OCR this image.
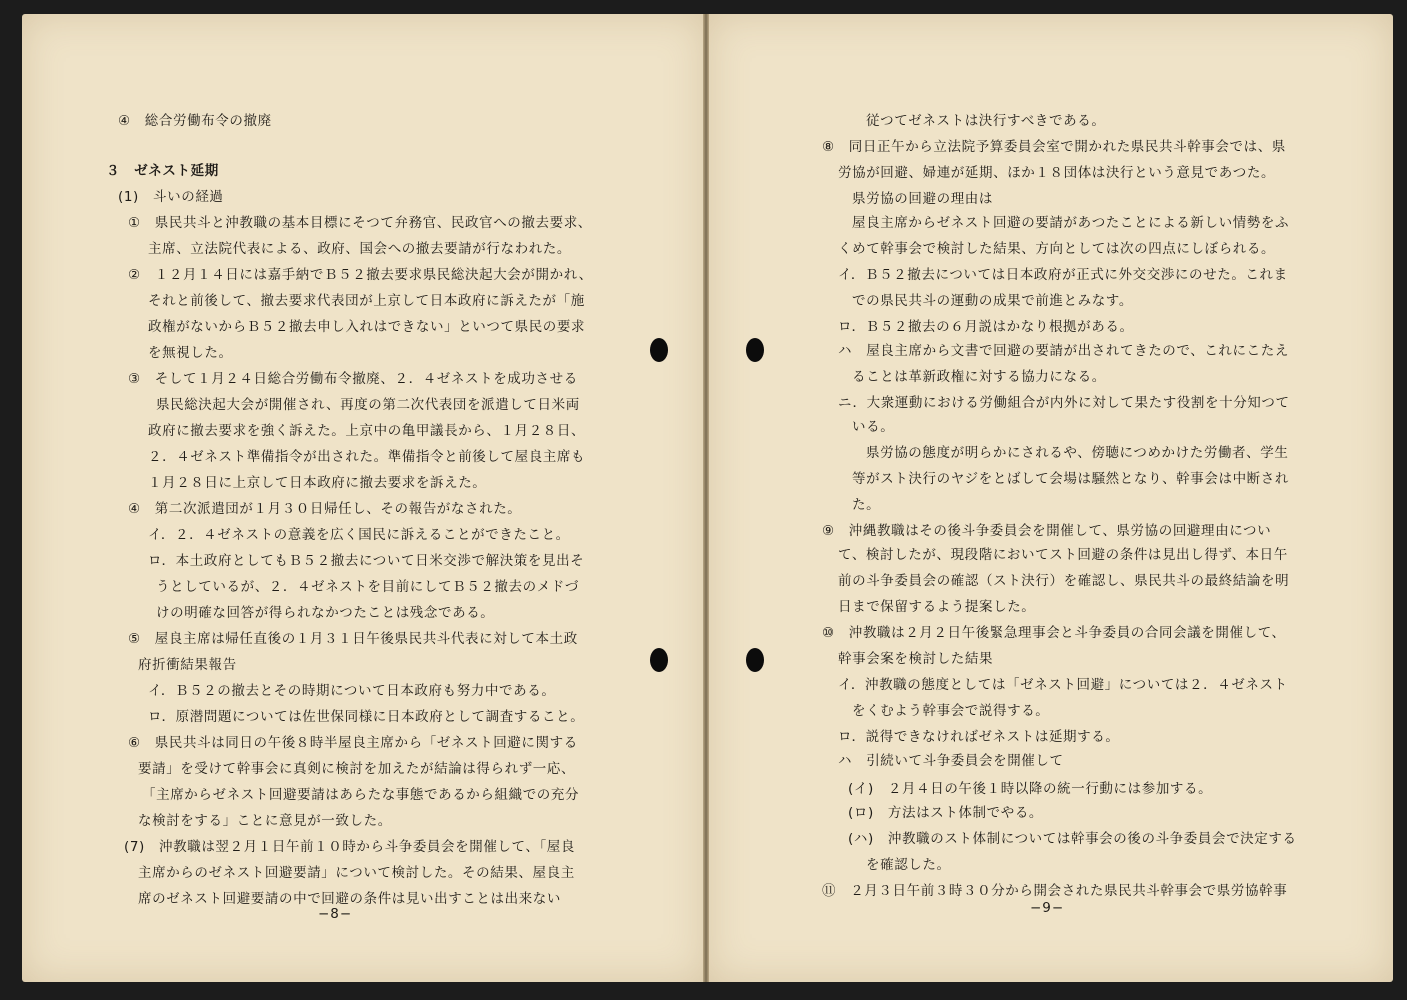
④　総合労働布令の撤廃
３　ゼネスト延期
(1)　斗いの経過
①　県民共斗と沖教職の基本目標にそつて弁務官、民政官への撤去要求、
主席、立法院代表による、政府、国会への撤去要請が行なわれた。
②　１２月１４日には嘉手納でＢ５２撤去要求県民総決起大会が開かれ、
それと前後して、撤去要求代表団が上京して日本政府に訴えたが「施
政権がないからＢ５２撤去申し入れはできない」といつて県民の要求
を無視した。
③　そして１月２４日総合労働布令撤廃、２．４ゼネストを成功させる
県民総決起大会が開催され、再度の第二次代表団を派遣して日米両
政府に撤去要求を強く訴えた。上京中の亀甲議長から、１月２８日、
２．４ゼネスト準備指令が出された。準備指令と前後して屋良主席も
１月２８日に上京して日本政府に撤去要求を訴えた。
④　第二次派遣団が１月３０日帰任し、その報告がなされた。
イ．２．４ゼネストの意義を広く国民に訴えることができたこと。
ロ．本土政府としてもＢ５２撤去について日米交渉で解決策を見出そ
うとしているが、２．４ゼネストを目前にしてＢ５２撤去のメドづ
けの明確な回答が得られなかつたことは残念である。
⑤　屋良主席は帰任直後の１月３１日午後県民共斗代表に対して本土政
府折衝結果報告
イ．Ｂ５２の撤去とその時期について日本政府も努力中である。
ロ．原潜問題については佐世保同様に日本政府として調査すること。
⑥　県民共斗は同日の午後８時半屋良主席から「ゼネスト回避に関する
要請」を受けて幹事会に真剣に検討を加えたが結論は得られず一応、
「主席からゼネスト回避要請はあらたな事態であるから組織での充分
な検討をする」ことに意見が一致した。
(7)　沖教職は翌２月１日午前１０時から斗争委員会を開催して、「屋良
主席からのゼネスト回避要請」について検討した。その結果、屋良主
席のゼネスト回避要請の中で回避の条件は見い出すことは出来ない
従つてゼネストは決行すべきである。
⑧　同日正午から立法院予算委員会室で開かれた県民共斗幹事会では、県
労協が回避、婦連が延期、ほか１８団体は決行という意見であつた。
県労協の回避の理由は
屋良主席からゼネスト回避の要請があつたことによる新しい情勢をふ
くめて幹事会で検討した結果、方向としては次の四点にしぼられる。
イ．Ｂ５２撤去については日本政府が正式に外交交渉にのせた。これま
での県民共斗の運動の成果で前進とみなす。
ロ．Ｂ５２撤去の６月説はかなり根拠がある。
ハ　屋良主席から文書で回避の要請が出されてきたので、これにこたえ
ることは革新政権に対する協力になる。
ニ．大衆運動における労働組合が内外に対して果たす役割を十分知つて
いる。
県労協の態度が明らかにされるや、傍聴につめかけた労働者、学生
等がスト決行のヤジをとばして会場は騒然となり、幹事会は中断され
た。
⑨　沖縄教職はその後斗争委員会を開催して、県労協の回避理由につい
て、検討したが、現段階においてスト回避の条件は見出し得ず、本日午
前の斗争委員会の確認（スト決行）を確認し、県民共斗の最終結論を明
日まで保留するよう提案した。
⑩　沖教職は２月２日午後緊急理事会と斗争委員の合同会議を開催して、
幹事会案を検討した結果
イ．沖教職の態度としては「ゼネスト回避」については２．４ゼネスト
をくむよう幹事会で説得する。
ロ．説得できなければゼネストは延期する。
ハ　引続いて斗争委員会を開催して
(イ)　２月４日の午後１時以降の統一行動には参加する。
(ロ)　方法はスト体制でやる。
(ハ)　沖教職のスト体制については幹事会の後の斗争委員会で決定する
を確認した。
⑪　２月３日午前３時３０分から開会された県民共斗幹事会で県労協幹事
−8−	−9−
